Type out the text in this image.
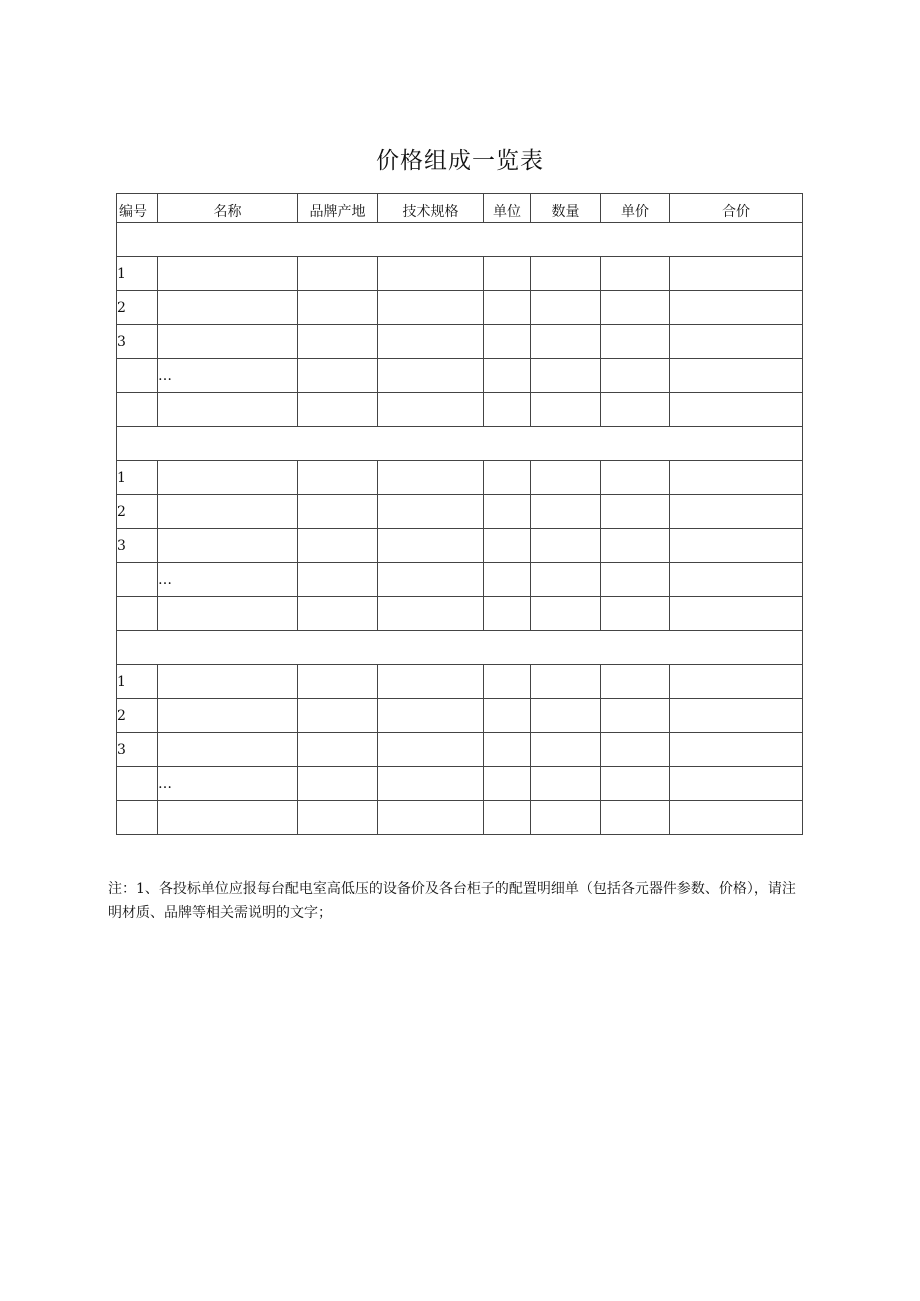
价格组成一览表
编号	名称	品牌产地	技术规格	单位	数量	单价	合价

1							
2							
3							
	…						

1							
2							
3							
	…						

1							
2							
3							
	…						

注：1、各投标单位应报每台配电室高低压的设备价及各台柜子的配置明细单（包括各元器件参数、价格），请注明材质、品牌等相关需说明的文字；
